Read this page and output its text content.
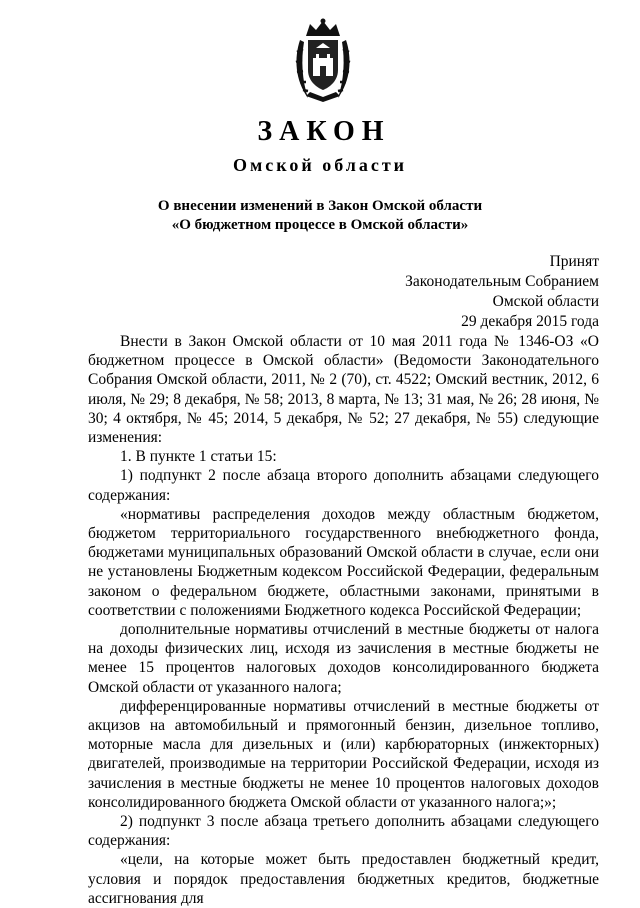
ЗАКОН
Омской области
О внесении изменений в Закон Омской области
«О бюджетном процессе в Омской области»
Принят
Законодательным Собранием
Омской области
29 декабря 2015 года

Внести в Закон Омской области от 10 мая 2011 года № 1346-ОЗ «О бюджетном процессе в Омской области» (Ведомости Законодательного Собрания Омской области, 2011, № 2 (70), ст. 4522; Омский вестник, 2012, 6 июля, № 29; 8 декабря, № 58; 2013, 8 марта, № 13; 31 мая, № 26; 28 июня, № 30; 4 октября, № 45; 2014, 5 декабря, № 52; 27 декабря, № 55) следующие изменения:

1. В пункте 1 статьи 15:

1) подпункт 2 после абзаца второго дополнить абзацами следующего содержания:

«нормативы распределения доходов между областным бюджетом, бюджетом территориального государственного внебюджетного фонда, бюджетами муниципальных образований Омской области в случае, если они не установлены Бюджетным кодексом Российской Федерации, федеральным законом о федеральном бюджете, областными законами, принятыми в соответствии с положениями Бюджетного кодекса Российской Федерации;

дополнительные нормативы отчислений в местные бюджеты от налога на доходы физических лиц, исходя из зачисления в местные бюджеты не менее 15 процентов налоговых доходов консолидированного бюджета Омской области от указанного налога;

дифференцированные нормативы отчислений в местные бюджеты от акцизов на автомобильный и прямогонный бензин, дизельное топливо, моторные масла для дизельных и (или) карбюраторных (инжекторных) двигателей, производимые на территории Российской Федерации, исходя из зачисления в местные бюджеты не менее 10 процентов налоговых доходов консолидированного бюджета Омской области от указанного налога;»;

2) подпункт 3 после абзаца третьего дополнить абзацами следующего содержания:

«цели, на которые может быть предоставлен бюджетный кредит, условия и порядок предоставления бюджетных кредитов, бюджетные ассигнования для
